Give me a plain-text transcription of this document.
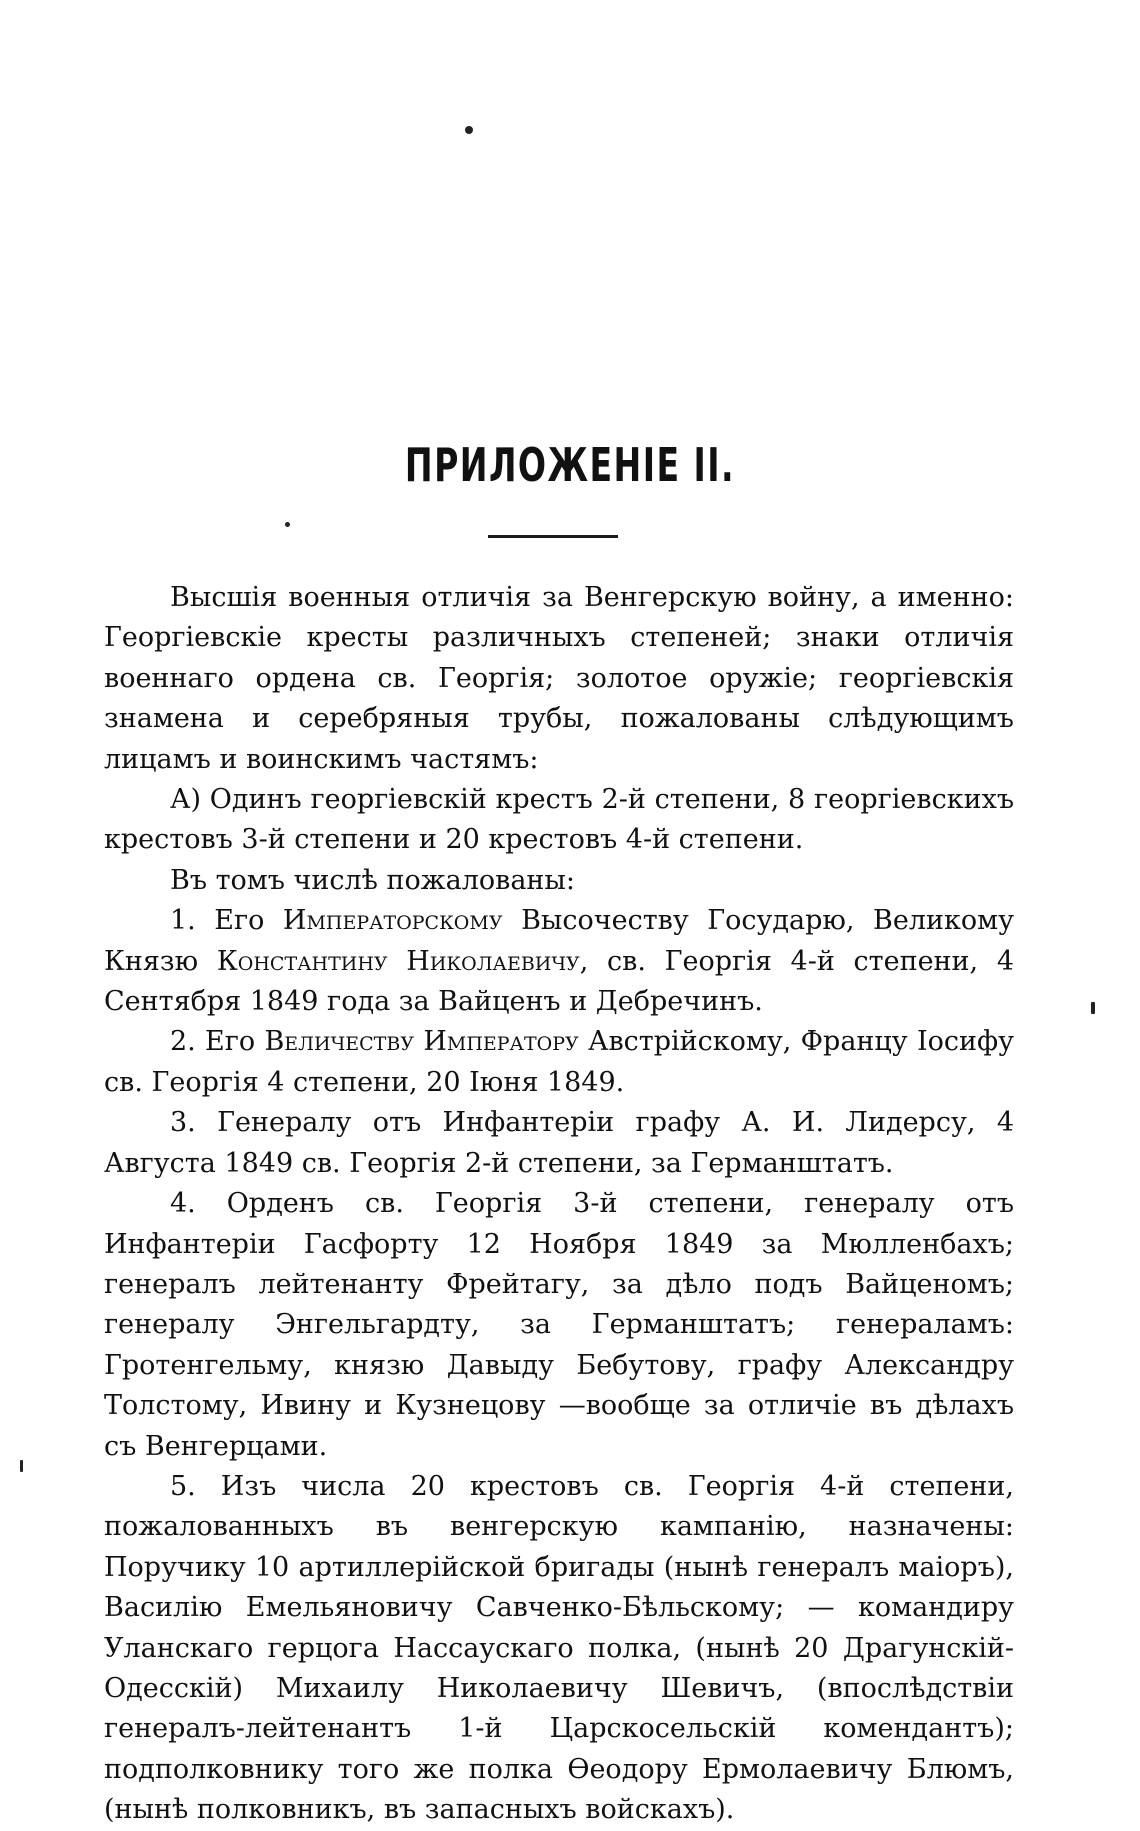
ПРИЛОЖЕНІЕ II.

Высшія военныя отличія за Венгерскую войну, а именно: Георгіевскіе кресты различныхъ степеней; знаки отличія военнаго ордена св. Георгія; золотое оружіе; георгіевскія знамена и серебряныя трубы, пожалованы слѣдующимъ лицамъ и воинскимъ частямъ:

А) Одинъ георгіевскій крестъ 2-й степени, 8 георгіевскихъ крестовъ 3-й степени и 20 крестовъ 4-й степени.

Въ томъ числѣ пожалованы:

1. Его Императорскому Высочеству Государю, Великому Князю Константину Николаевичу, св. Георгія 4-й степени, 4 Сентября 1849 года за Вайценъ и Дебречинъ.

2. Его Величеству Императору Австрійскому, Францу Іосифу св. Георгія 4 степени, 20 Іюня 1849.

3. Генералу отъ Инфантеріи графу А. И. Лидерсу, 4 Августа 1849 св. Георгія 2-й степени, за Германштатъ.

4. Орденъ св. Георгія 3-й степени, генералу отъ Инфантеріи Гасфорту 12 Ноября 1849 за Мюлленбахъ; генералъ лейтенанту Фрейтагу, за дѣло подъ Вайценомъ; генералу Энгельгардту, за Германштатъ; генераламъ: Гротенгельму, князю Давыду Бебутову, графу Александру Толстому, Ивину и Кузнецову —вообще за отличіе въ дѣлахъ съ Венгерцами.

5. Изъ числа 20 крестовъ св. Георгія 4-й степени, пожалованныхъ въ венгерскую кампанію, назначены: Поручику 10 артиллерійской бригады (нынѣ генералъ маіоръ), Василію Емельяновичу Савченко-Бѣльскому; — командиру Уланскаго герцога Нассаускаго полка, (нынѣ 20 Драгунскій-Одесскій) Михаилу Николаевичу Шевичъ, (впослѣдствіи генералъ-лейтенантъ 1-й Царскосельскій комендантъ); подполковнику того же полка Ѳеодору Ермолаевичу Блюмъ, (нынѣ полковникъ, въ запасныхъ войскахъ).
